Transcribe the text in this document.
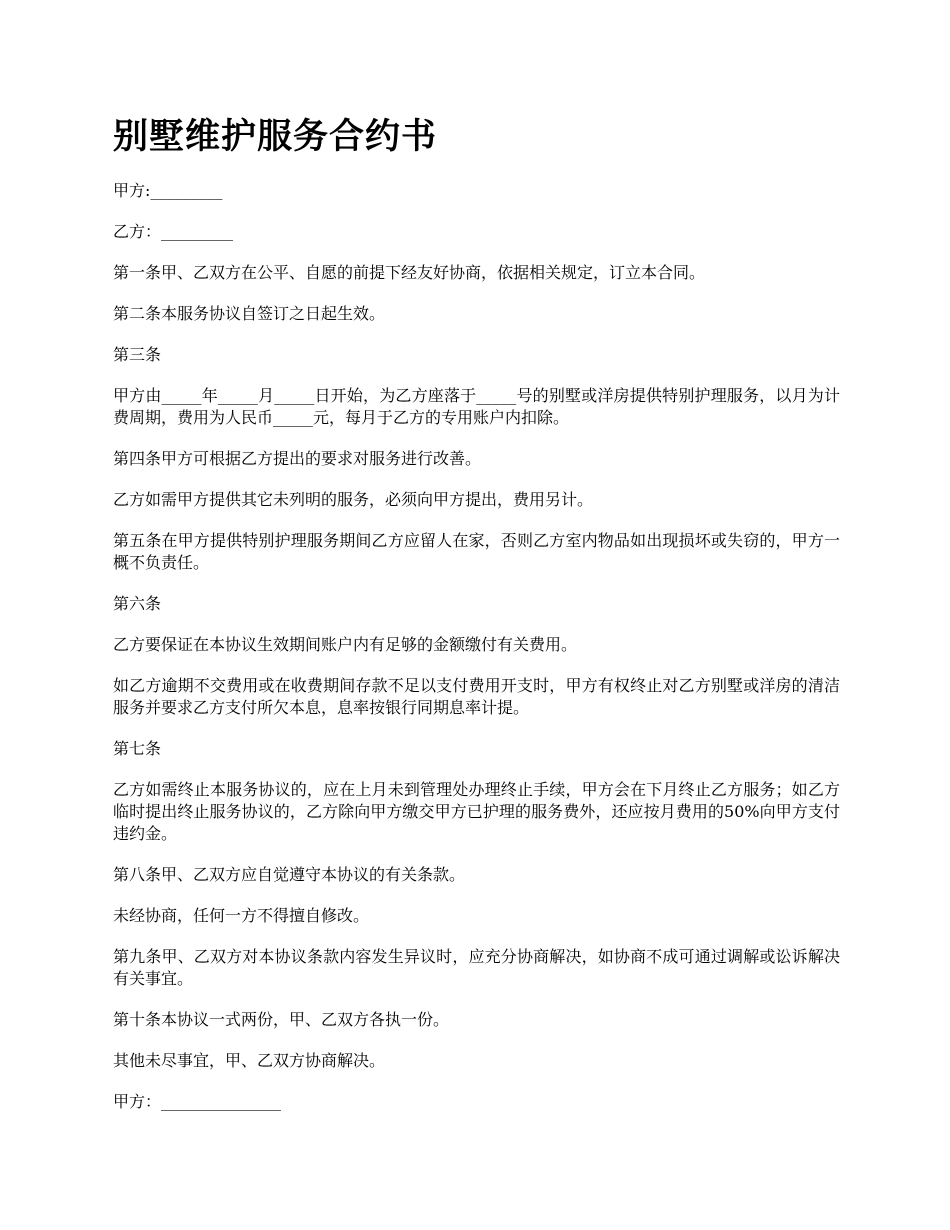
别墅维护服务合约书

甲方:_________

乙方：_________

第一条甲、乙双方在公平、自愿的前提下经友好协商，依据相关规定，订立本合同。

第二条本服务协议自签订之日起生效。

第三条

甲方由_____年_____月_____日开始，为乙方座落于_____号的别墅或洋房提供特别护理服务，以月为计费周期，费用为人民币_____元，每月于乙方的专用账户内扣除。

第四条甲方可根据乙方提出的要求对服务进行改善。

乙方如需甲方提供其它未列明的服务，必须向甲方提出，费用另计。

第五条在甲方提供特别护理服务期间乙方应留人在家，否则乙方室内物品如出现损坏或失窃的，甲方一概不负责任。

第六条

乙方要保证在本协议生效期间账户内有足够的金额缴付有关费用。

如乙方逾期不交费用或在收费期间存款不足以支付费用开支时，甲方有权终止对乙方别墅或洋房的清洁服务并要求乙方支付所欠本息，息率按银行同期息率计提。

第七条

乙方如需终止本服务协议的，应在上月未到管理处办理终止手续，甲方会在下月终止乙方服务；如乙方临时提出终止服务协议的，乙方除向甲方缴交甲方已护理的服务费外，还应按月费用的50%向甲方支付违约金。

第八条甲、乙双方应自觉遵守本协议的有关条款。

未经协商，任何一方不得擅自修改。

第九条甲、乙双方对本协议条款内容发生异议时，应充分协商解决，如协商不成可通过调解或讼诉解决有关事宜。

第十条本协议一式两份，甲、乙双方各执一份。

其他未尽事宜，甲、乙双方协商解决。

甲方：_______________
